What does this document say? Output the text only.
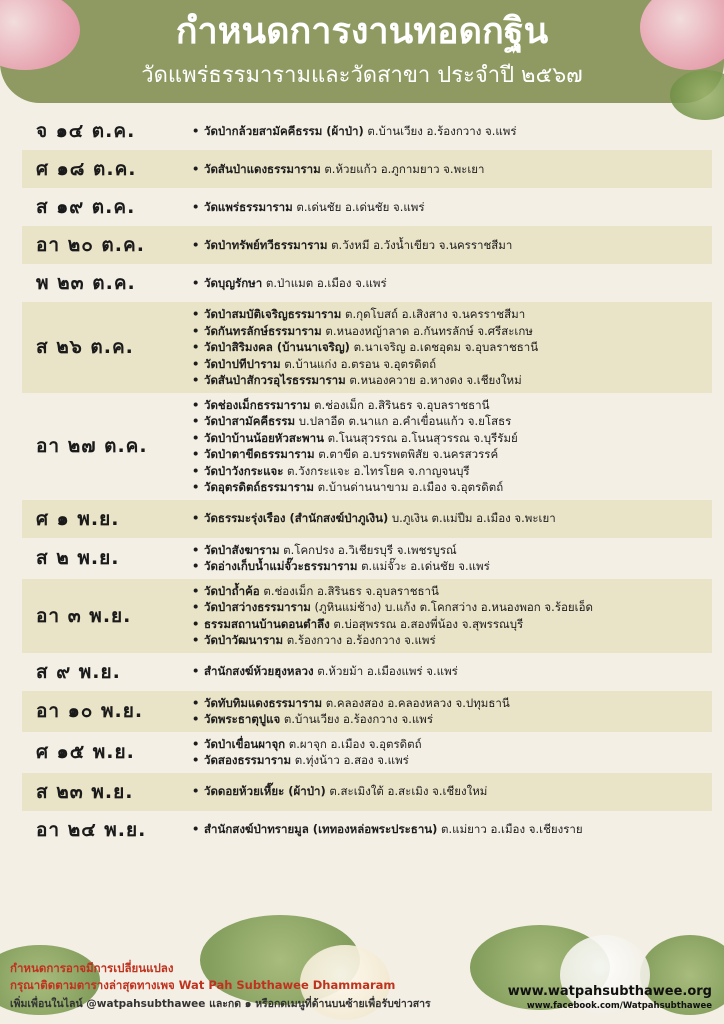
กำหนดการงานทอดกฐิน
วัดแพร่ธรรมารามและวัดสาขา ประจำปี ๒๕๖๗
จ ๑๔ ต.ค.	• วัดป่ากล้วยสามัคคีธรรม (ผ้าป่า) ต.บ้านเวียง อ.ร้องกวาง จ.แพร่
ศ ๑๘ ต.ค.	• วัดสันป่าแดงธรรมาราม ต.ห้วยแก้ว อ.ภูกามยาว จ.พะเยา
ส ๑๙ ต.ค.	• วัดแพร่ธรรมาราม ต.เด่นชัย อ.เด่นชัย จ.แพร่
อา ๒๐ ต.ค.	• วัดป่าทรัพย์ทวีธรรมาราม ต.วังหมี อ.วังน้ำเขียว จ.นครราชสีมา
พ ๒๓ ต.ค.	• วัดบุญรักษา ต.ป่าแมต อ.เมือง จ.แพร่
ส ๒๖ ต.ค.
• วัดป่าสมบัติเจริญธรรมาราม ต.กุดโบสถ์ อ.เสิงสาง จ.นครราชสีมา
• วัดกันทรลักษ์ธรรมาราม ต.หนองหญ้าลาด อ.กันทรลักษ์ จ.ศรีสะเกษ
• วัดป่าสิริมงคล (บ้านนาเจริญ) ต.นาเจริญ อ.เดชอุดม จ.อุบลราชธานี
• วัดป่าปทีปาราม ต.บ้านแก่ง อ.ตรอน จ.อุตรดิตถ์
• วัดสันป่าสักวรอุไรธรรมาราม ต.หนองควาย อ.หางดง จ.เชียงใหม่
อา ๒๗ ต.ค.
• วัดช่องเม็กธรรมาราม ต.ช่องเม็ก อ.สิรินธร จ.อุบลราชธานี
• วัดป่าสามัคคีธรรม บ.ปลาอีด ต.นาแก อ.คำเขื่อนแก้ว จ.ยโสธร
• วัดป่าบ้านน้อยหัวสะพาน ต.โนนสุวรรณ อ.โนนสุวรรณ จ.บุรีรัมย์
• วัดป่าตาขีดธรรมาราม ต.ตาขีด อ.บรรพตพิสัย จ.นครสวรรค์
• วัดป่าวังกระแจะ ต.วังกระแจะ อ.ไทรโยค จ.กาญจนบุรี
• วัดอุตรดิตถ์ธรรมาราม ต.บ้านด่านนาขาม อ.เมือง จ.อุตรดิตถ์
ศ ๑ พ.ย.	• วัดธรรมะรุ่งเรือง (สำนักสงฆ์ป่าภูเงิน) บ.ภูเงิน ต.แม่ปืม อ.เมือง จ.พะเยา
ส ๒ พ.ย.	• วัดป่าสังฆาราม ต.โคกปรง อ.วิเชียรบุรี จ.เพชรบูรณ์
• วัดอ่างเก็บน้ำแม่จั๊วะธรรมาราม ต.แม่จั๊วะ อ.เด่นชัย จ.แพร่
อา ๓ พ.ย.
• วัดป่าถ้ำค้อ ต.ช่องเม็ก อ.สิรินธร จ.อุบลราชธานี
• วัดป่าสว่างธรรมาราม (ภูหินแม่ช้าง) บ.แก้ง ต.โคกสว่าง อ.หนองพอก จ.ร้อยเอ็ด
• ธรรมสถานบ้านดอนตำลึง ต.บ่อสุพรรณ อ.สองพี่น้อง จ.สุพรรณบุรี
• วัดป่าวัฒนาราม ต.ร้องกวาง อ.ร้องกวาง จ.แพร่
ส ๙ พ.ย.	• สำนักสงฆ์ห้วยฮุงหลวง ต.ห้วยม้า อ.เมืองแพร่ จ.แพร่
อา ๑๐ พ.ย.	• วัดทับทิมแดงธรรมาราม ต.คลองสอง อ.คลองหลวง จ.ปทุมธานี
• วัดพระธาตุปูแจ ต.บ้านเวียง อ.ร้องกวาง จ.แพร่
ศ ๑๕ พ.ย.	• วัดป่าเขื่อนผาจุก ต.ผาจุก อ.เมือง จ.อุตรดิตถ์
• วัดสองธรรมาราม ต.ทุ่งน้าว อ.สอง จ.แพร่
ส ๒๓ พ.ย.	• วัดดอยห้วยเหี๊ยะ (ผ้าป่า) ต.สะเมิงใต้ อ.สะเมิง จ.เชียงใหม่
อา ๒๔ พ.ย.	• สำนักสงฆ์ป่าทรายมูล (เททองหล่อพระประธาน) ต.แม่ยาว อ.เมือง จ.เชียงราย
กำหนดการอาจมีการเปลี่ยนแปลง
กรุณาติดตามตารางล่าสุดทางเพจ Wat Pah Subthawee Dhammaram
เพิ่มเพื่อนในไลน์ @watpahsubthawee และกด ๑ หรือกดเมนูที่ด้านบนซ้ายเพื่อรับข่าวสาร
www.watpahsubthawee.org
www.facebook.com/Watpahsubthawee
